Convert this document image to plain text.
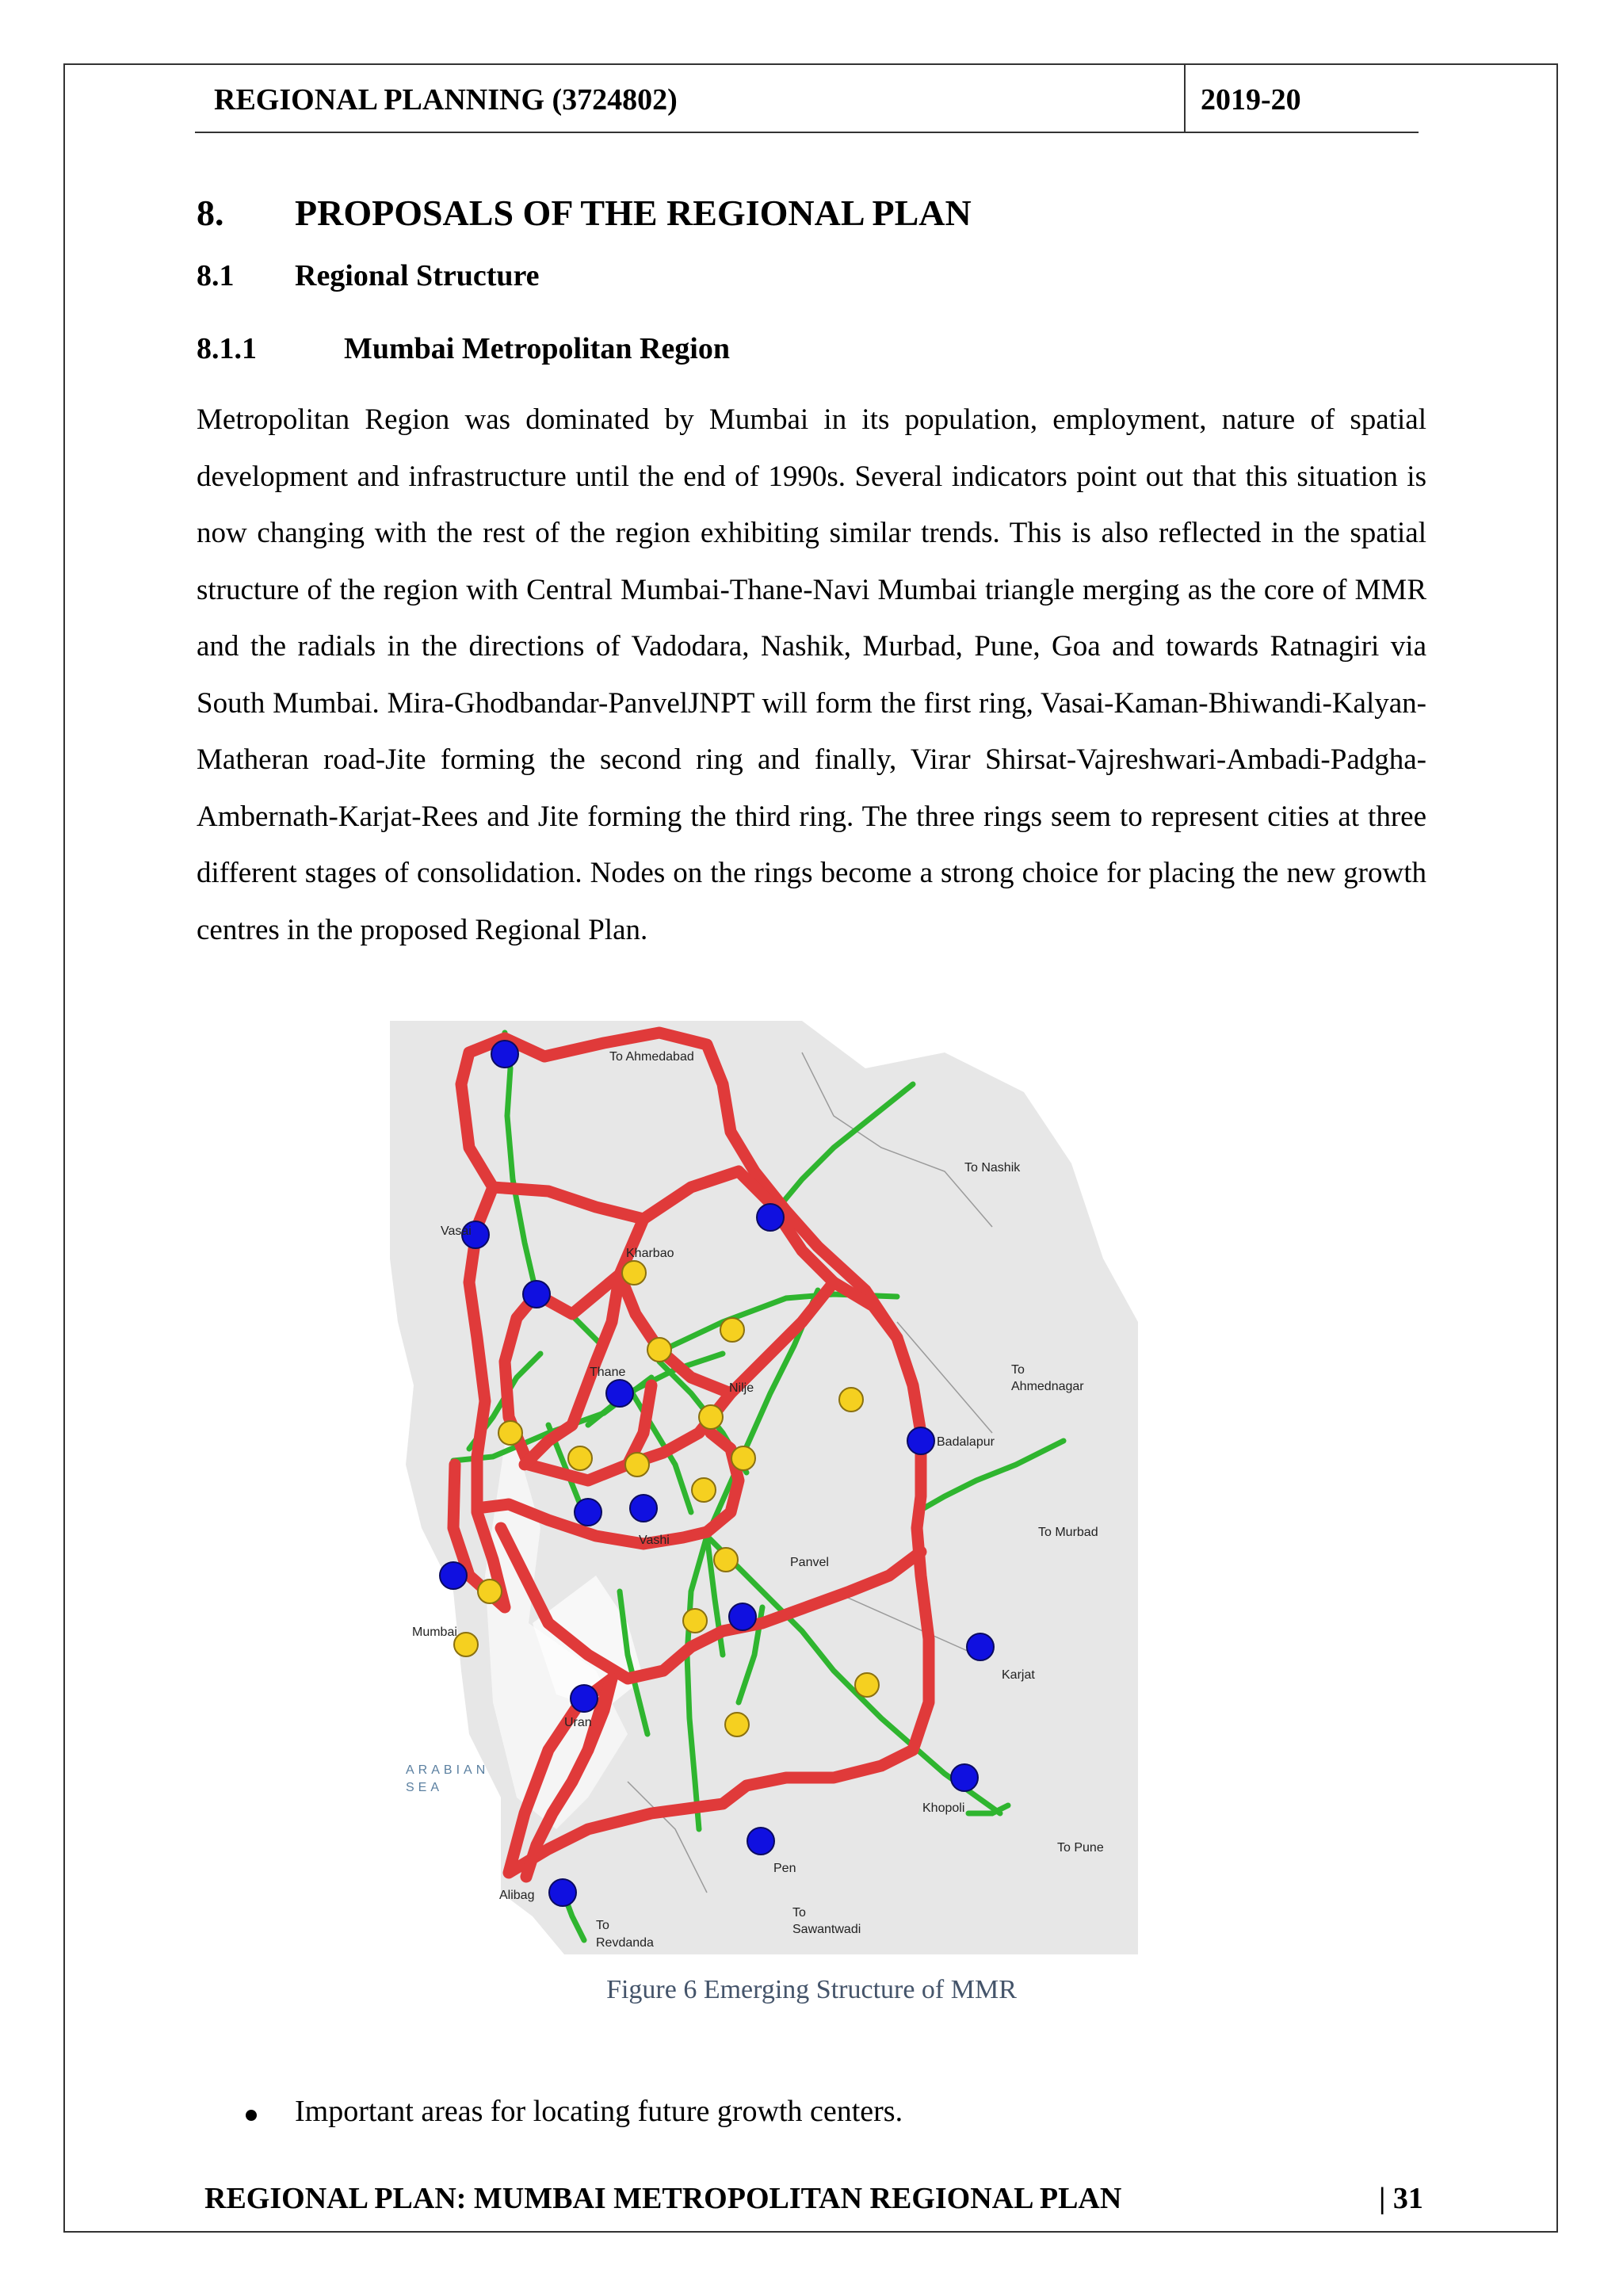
REGIONAL PLANNING (3724802)	2019-20
8. PROPOSALS OF THE REGIONAL PLAN
8.1 Regional Structure
8.1.1	Mumbai Metropolitan Region
Metropolitan Region was dominated by Mumbai in its population, employment, nature of spatial development and infrastructure until the end of 1990s. Several indicators point out that this situation is now changing with the rest of the region exhibiting similar trends. This is also reflected in the spatial structure of the region with Central Mumbai-Thane-Navi Mumbai triangle merging as the core of MMR and the radials in the directions of Vadodara, Nashik, Murbad, Pune, Goa and towards Ratnagiri via South Mumbai. Mira-Ghodbandar-PanvelJNPT will form the first ring, Vasai-Kaman-Bhiwandi-Kalyan-Matheran road-Jite forming the second ring and finally, Virar Shirsat-Vajreshwari-Ambadi-Padgha-Ambernath-Karjat-Rees and Jite forming the third ring. The three rings seem to represent cities at three different stages of consolidation. Nodes on the rings become a strong choice for placing the new growth centres in the proposed Regional Plan.
To Ahmedabad
To Nashik
Vasai
Kharbao
Thane
Nilje
To
Ahmednagar
Badalapur
To Murbad
Vashi
Panvel
Mumbai
Karjat
Uran
ARABIAN
SEA
Khopoli
To Pune
Pen
Alibag
To
Sawantwadi
To
Revdanda
Figure 6 Emerging Structure of MMR
Important areas for locating future growth centers.
REGIONAL PLAN: MUMBAI METROPOLITAN REGIONAL PLAN	| 31
